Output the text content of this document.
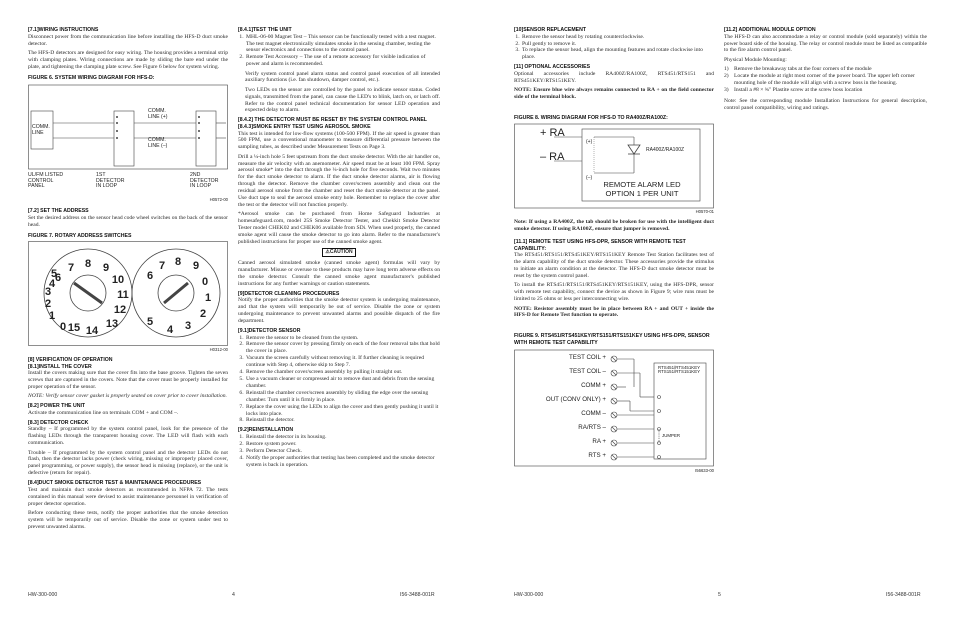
[7.1]WIRING INSTRUCTIONS

Disconnect power from the communication line before installing the HFS-D duct smoke detector.

The HFS-D detectors are designed for easy wiring. The housing provides a terminal strip with clamping plates. Wiring connections are made by sliding the bare end under the plate, and tightening the clamping plate screw. See Figure 6 below for system wiring.

FIGURE 6. SYSTEM WIRING DIAGRAM FOR HFS-D:
COMM.
LINE
COMM.
LINE (+)
COMM.
LINE (–)
UL/FM LISTED
CONTROL
PANEL
1ST
DETECTOR
IN LOOP
2ND
DETECTOR
IN LOOP
H0572-00
[7.2] SET THE ADDRESS

Set the desired address on the sensor head code wheel switches on the back of the sensor head.

FIGURE 7. ROTARY ADDRESS SWITCHES
6
7 8 9
10
11
12
13
14
15
0
1
2
3
4
5	6
7 8 9
0
1
2
3
4
5
H0312-00
[8] VERIFICATION OF OPERATION
[8.1]INSTALL THE COVER

Install the covers making sure that the cover fits into the base groove. Tighten the seven screws that are captured in the covers. Note that the cover must be properly installed for proper operation of the sensor.

NOTE: Verify sensor cover gasket is properly seated on cover prior to cover installation.

[8.2] POWER THE UNIT

Activate the communication line on terminals COM + and COM –.

[8.3] DETECTOR CHECK

Standby – If programmed by the system control panel, look for the presence of the flashing LEDs through the transparent housing cover. The LED will flash with each communication.

Trouble – If programmed by the system control panel and the detector LEDs do not flash, then the detector lacks power (check wiring, missing or improperly placed cover, panel programming, or power supply), the sensor head is missing (replace), or the unit is defective (return for repair).

[8.4]DUCT SMOKE DETECTOR TEST & MAINTENANCE PROCEDURES

Test and maintain duct smoke detectors as recommended in NFPA 72. The tests contained in this manual were devised to assist maintenance personnel in verification of proper detector operation.

Before conducting these tests, notify the proper authorities that the smoke detection system will be temporarily out of service. Disable the zone or system under test to prevent unwanted alarms.

[8.4.1]TEST THE UNIT
1. MHL-06-00 Magnet Test – This sensor can be functionally tested with a test magnet. The test magnet electronically simulates smoke in the sensing chamber, testing the sensor electronics and connections to the control panel.
2. Remote Test Accessory – The use of a remote accessory for visible indication of power and alarm is recommended.

Verify system control panel alarm status and control panel execution of all intended auxiliary functions (i.e. fan shutdown, damper control, etc.).

Two LEDs on the sensor are controlled by the panel to indicate sensor status. Coded signals, transmitted from the panel, can cause the LED's to blink, latch on, or latch off. Refer to the control panel technical documentation for sensor LED operation and expected delay to alarm.

[8.4.2] THE DETECTOR MUST BE RESET BY THE SYSTEM CONTROL PANEL
[8.4.3]SMOKE ENTRY TEST USING AEROSOL SMOKE

This test is intended for low-flow systems (100-500 FPM). If the air speed is greater than 500 FPM, use a conventional manometer to measure differential pressure between the sampling tubes, as described under Measurement Tests on Page 3.

Drill a ¼-inch hole 5 feet upstream from the duct smoke detector. With the air handler on, measure the air velocity with an anemometer. Air speed must be at least 100 FPM. Spray aerosol smoke* into the duct through the ¼-inch hole for five seconds. Wait two minutes for the duct smoke detector to alarm. If the duct smoke detector alarms, air is flowing through the detector. Remove the chamber cover/screen assembly and clean out the residual aerosol smoke from the chamber and reset the duct smoke detector at the panel. Use duct tape to seal the aerosol smoke entry hole. Remember to replace the cover after the test or the detector will not function properly.

*Aerosol smoke can be purchased from Home Safeguard Industries at homesafeguard.com, model 25S Smoke Detector Tester, and Chekkit Smoke Detector Tester model CHEK02 and CHEK06 available from SDi. When used properly, the canned smoke agent will cause the smoke detector to go into alarm. Refer to the manufacturer's published instructions for proper use of the canned smoke agent.

⚠CAUTION

Canned aerosol simulated smoke (canned smoke agent) formulas will vary by manufacturer. Misuse or overuse to these products may have long term adverse effects on the smoke detector. Consult the canned smoke agent manufacturer's published instructions for any further warnings or caution statements.

[9]DETECTOR CLEANING PROCEDURES

Notify the proper authorities that the smoke detector system is undergoing maintenance, and that the system will temporarily be out of service. Disable the zone or system undergoing maintenance to prevent unwanted alarms and possible dispatch of the fire department.

[9.1]DETECTOR SENSOR
1. Remove the sensor to be cleaned from the system.
2. Remove the sensor cover by pressing firmly on each of the four removal tabs that hold the cover in place.
3. Vacuum the screen carefully without removing it. If further cleaning is required continue with Step 4, otherwise skip to Step 7.
4. Remove the chamber cover/screen assembly by pulling it straight out.
5. Use a vacuum cleaner or compressed air to remove dust and debris from the sensing chamber.
6. Reinstall the chamber cover/screen assembly by sliding the edge over the sensing chamber. Turn until it is firmly in place.
7. Replace the cover using the LEDs to align the cover and then gently pushing it until it locks into place.
8. Reinstall the detector.
[9.2]REINSTALLATION
1. Reinstall the detector in its housing.
2. Restore system power.
3. Perform Detector Check.
4. Notify the proper authorities that testing has been completed and the smoke detector system is back in operation.
[10]SENSOR REPLACEMENT
1. Remove the sensor head by rotating counterclockwise.
2. Pull gently to remove it.
3. To replace the sensor head, align the mounting features and rotate clockwise into place.
[11] OPTIONAL ACCESSORIES

Optional accessories include RA400Z/RA100Z, RTS451/RTS151 and RTS451KEY/RTS151KEY.

NOTE: Ensure blue wire always remains connected to RA + on the field connector side of the terminal block.

FIGURE 8. WIRING DIAGRAM FOR HFS-D TO RA400Z/RA100Z:
+ RA
– RA
(+)
(–)
RA400Z/RA100Z
REMOTE ALARM LED
OPTION 1 PER UNIT
H0570-01

Note: If using a RA400Z, the tab should be broken for use with the intelligent duct smoke detector. If using RA100Z, ensure that jumper is removed.

[11.1] REMOTE TEST USING HFS-DPR, SENSOR WITH REMOTE TEST CAPABILITY:

The RTS451/RTS151/RTS451KEY/RTS151KEY Remote Test Station facilitates test of the alarm capability of the duct smoke detector. These accessories provide the stimulus to initiate an alarm condition at the detector. The HFS-D duct smoke detector must be reset by the system control panel.

To install the RTS451/RTS151/RTS451KEY/RTS151KEY, using the HFS-DPR, sensor with remote test capability, connect the device as shown in Figure 9; wire runs must be limited to 25 ohms or less per interconnecting wire.

NOTE: Resistor assembly must be in place between RA + and OUT + inside the HFS-D for Remote Test function to operate.

FIGURE 9. RTS451/RTS451KEY/RTS151/RTS151KEY USING HFS-DPR, SENSOR WITH REMOTE TEST CAPABILITY
TEST COIL +
TEST COIL –
COMM +
OUT (CONV ONLY) +
COMM –
RA/RTS –
RA +
RTS +
RTS451/RTS451KEY
RTS151/RTS151KEY
JUMPER
I56633-00
[11.2] ADDITIONAL MODULE OPTION

The HFS-D can also accommodate a relay or control module (sold separately) within the power board side of the housing. The relay or control module must be listed as compatible to the fire alarm control panel.

Physical Module Mounting:

1) Remove the breakaway tabs at the four corners of the module
2) Locate the module at right most corner of the power board. The upper left corner mounting hole of the module will align with a screw boss in the housing.
3) Install a #8 × ¾" Plastite screw at the screw boss location

Note: See the corresponding module Installation Instructions for general description, control panel compatibility, wiring and ratings.

HW-300-000	4	I56-3488-001R	HW-300-000	5	I56-3488-001R
